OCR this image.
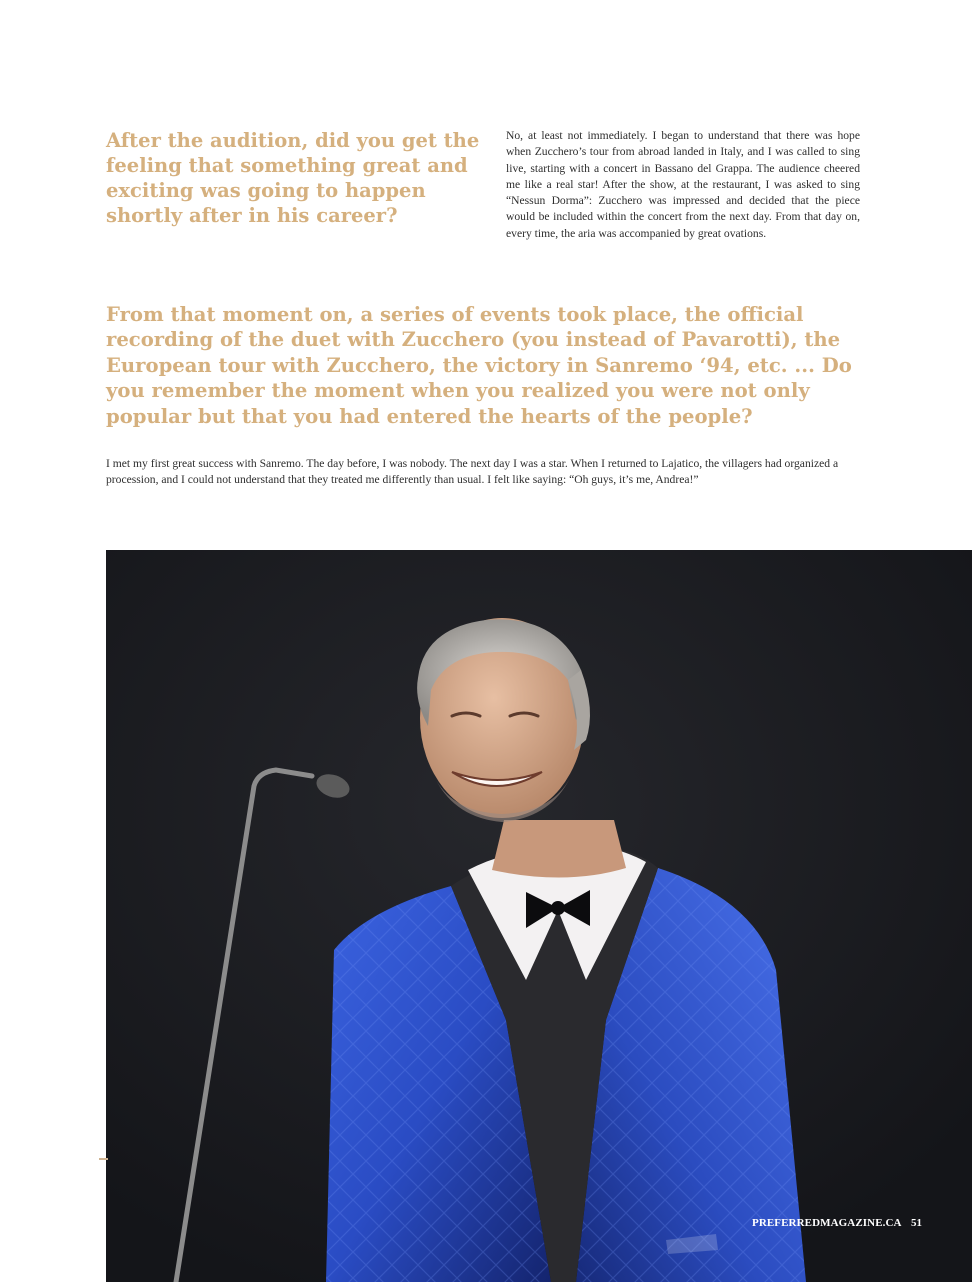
After the audition, did you get the feeling that something great and exciting was going to happen shortly after in his career?

No, at least not immediately. I began to understand that there was hope when Zucchero’s tour from abroad landed in Italy, and I was called to sing live, starting with a concert in Bassano del Grappa. The audience cheered me like a real star! After the show, at the restaurant, I was asked to sing “Nessun Dorma”: Zucchero was impressed and decided that the piece would be included within the concert from the next day. From that day on, every time, the aria was accompanied by great ovations.

From that moment on, a series of events took place, the official recording of the duet with Zucchero (you instead of Pavarotti), the European tour with Zucchero, the victory in Sanremo ‘94, etc. ... Do you remember the moment when you realized you were not only popular but that you had entered the hearts of the people?

I met my first great success with Sanremo. The day before, I was nobody. The next day I was a star. When I returned to Lajatico, the villagers had organized a procession, and I could not understand that they treated me differently than usual. I felt like saying: “Oh guys, it’s me, Andrea!”

PREFERREDMAGAZINE.CA 51
